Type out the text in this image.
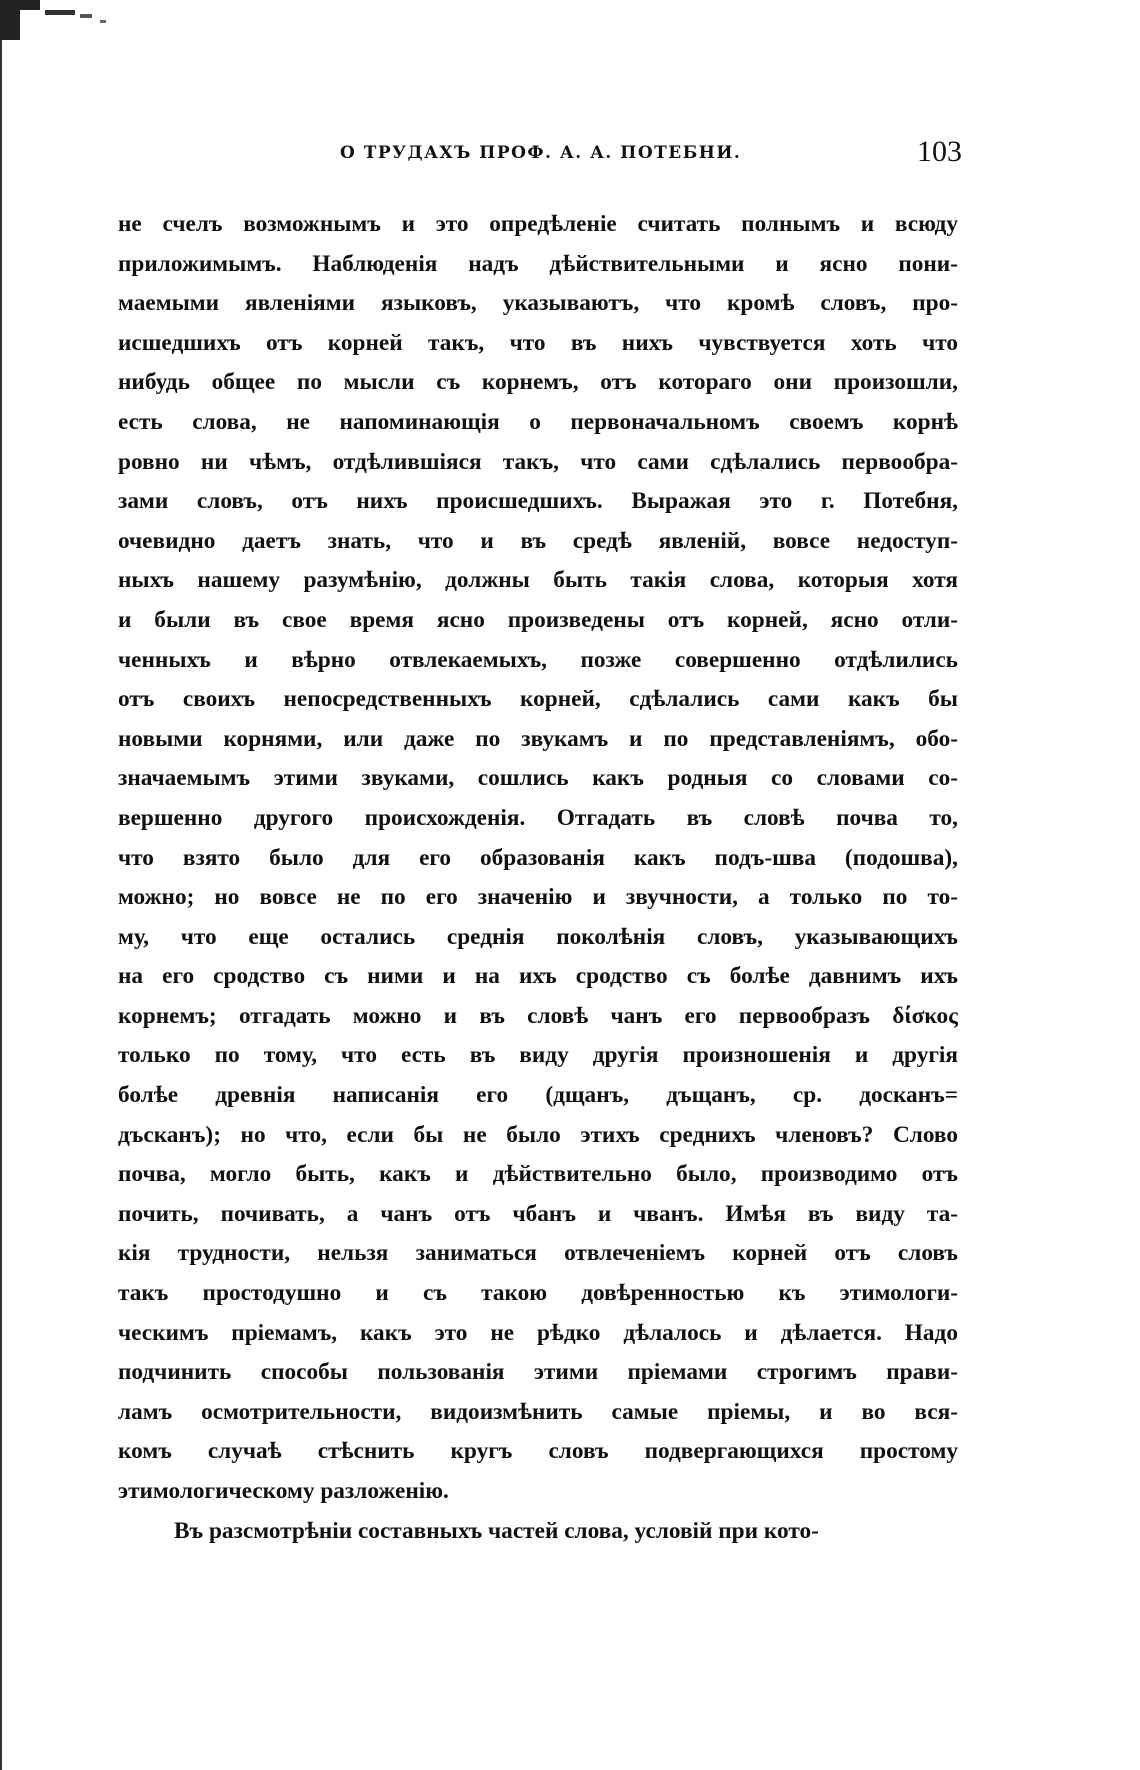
О ТРУДАХЪ ПРОФ. А. А. ПОТЕБНИ.	103
не счелъ возможнымъ и это опредѣленіе считать полнымъ и всюду
приложимымъ. Наблюденія надъ дѣйствительными и ясно пони-
маемыми явленіями языковъ, указываютъ, что кромѣ словъ, про-
исшедшихъ отъ корней такъ, что въ нихъ чувствуется хоть что
нибудь общее по мысли съ корнемъ, отъ котораго они произошли,
есть слова, не напоминающія о первоначальномъ своемъ корнѣ
ровно ни чѣмъ, отдѣлившіяся такъ, что сами сдѣлались первообра-
зами словъ, отъ нихъ происшедшихъ. Выражая это г. Потебня,
очевидно даетъ знать, что и въ средѣ явленій, вовсе недоступ-
ныхъ нашему разумѣнію, должны быть такія слова, которыя хотя
и были въ свое время ясно произведены отъ корней, ясно отли-
ченныхъ и вѣрно отвлекаемыхъ, позже совершенно отдѣлились
отъ своихъ непосредственныхъ корней, сдѣлались сами какъ бы
новыми корнями, или даже по звукамъ и по представленіямъ, обо-
значаемымъ этими звуками, сошлись какъ родныя со словами со-
вершенно другого происхожденія. Отгадать въ словѣ почва то,
что взято было для его образованія какъ подъ-шва (подошва),
можно; но вовсе не по его значенію и звучности, а только по то-
му, что еще остались среднія поколѣнія словъ, указывающихъ
на его сродство съ ними и на ихъ сродство съ болѣе давнимъ ихъ
корнемъ; отгадать можно и въ словѣ чанъ его первообразъ δίσκος
только по тому, что есть въ виду другія произношенія и другія
болѣе древнія написанія его (дщанъ, дъщанъ, ср. досканъ=
дъсканъ); но что, если бы не было этихъ среднихъ членовъ? Слово
почва, могло быть, какъ и дѣйствительно было, производимо отъ
почить, почивать, а чанъ отъ чбанъ и чванъ. Имѣя въ виду та-
кія трудности, нельзя заниматься отвлеченіемъ корней отъ словъ
такъ простодушно и съ такою довѣренностью къ этимологи-
ческимъ пріемамъ, какъ это не рѣдко дѣлалось и дѣлается. Надо
подчинить способы пользованія этими пріемами строгимъ прави-
ламъ осмотрительности, видоизмѣнить самые пріемы, и во вся-
комъ случаѣ стѣснить кругъ словъ подвергающихся простому
этимологическому разложенію.
Въ разсмотрѣніи составныхъ частей слова, условій при кото-
